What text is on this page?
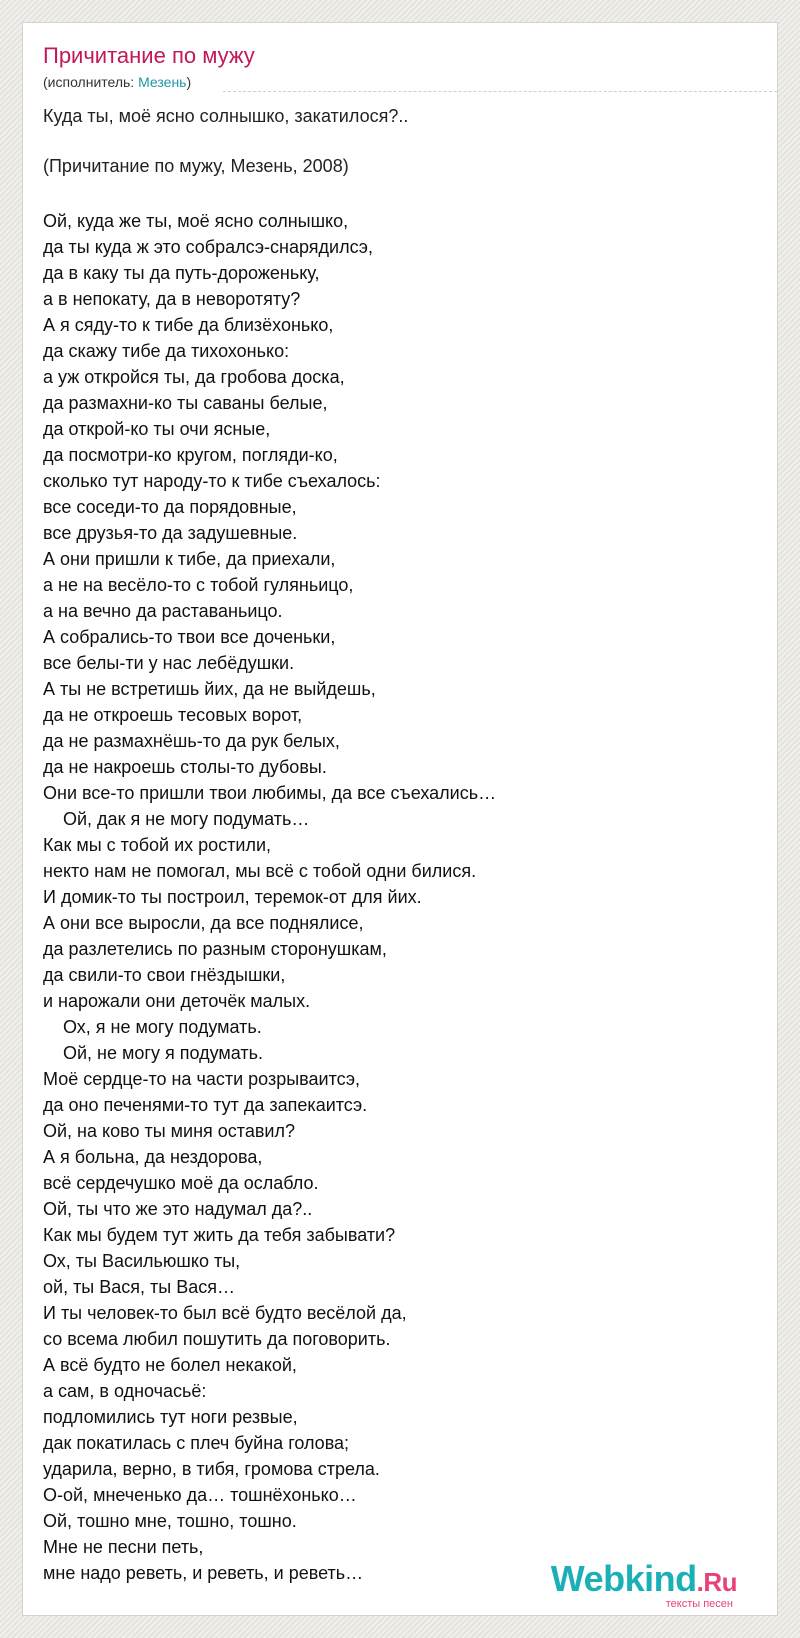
Причитание по мужу
(исполнитель: Мезень)
Куда ты, моё ясно солнышко, закатилося?..
(Причитание по мужу, Мезень, 2008)
Ой, куда же ты, моё ясно солнышко,
да ты куда ж это собралсэ-снарядилсэ,
да в каку ты да путь-дороженьку,
а в непокату, да в неворотяту?
А я сяду-то к тибе да близёхонько,
да скажу тибе да тихохонько:
а уж откройся ты, да гробова доска,
да размахни-ко ты саваны белые,
да открой-ко ты очи ясные,
да посмотри-ко кругом, погляди-ко,
сколько тут народу-то к тибе съехалось:
все соседи-то да порядовные,
все друзья-то да задушевные.
А они пришли к тибе, да приехали,
а не на весёло-то с тобой гуляньицо,
а на вечно да раставаньицо.
А собрались-то твои все доченьки,
все белы-ти у нас лебёдушки.
А ты не встретишь йих, да не выйдешь,
да не откроешь тесовых ворот,
да не размахнёшь-то да рук белых,
да не накроешь столы-то дубовы.
Они все-то пришли твои любимы, да все съехались…
Ой, дак я не могу подумать…
Как мы с тобой их ростили,
некто нам не помогал, мы всё с тобой одни билися.
И домик-то ты построил, теремок-от для йих.
А они все выросли, да все поднялисе,
да разлетелись по разным сторонушкам,
да свили-то свои гнёздышки,
и нарожали они деточёк малых.
Ох, я не могу подумать.
Ой, не могу я подумать.
Моё сердце-то на части розрываитсэ,
да оно печенями-то тут да запекаитсэ.
Ой, на ково ты миня оставил?
А я больна, да нездорова,
всё сердечушко моё да ослабло.
Ой, ты что же это надумал да?..
Как мы будем тут жить да тебя забывати?
Ох, ты Васильюшко ты,
ой, ты Вася, ты Вася…
И ты человек-то был всё будто весёлой да,
со всема любил пошутить да поговорить.
А всё будто не болел некакой,
а сам, в одночасьё:
подломились тут ноги резвые,
дак покатилась с плеч буйна голова;
ударила, верно, в тибя, громова стрела.
О-ой, мнеченько да… тошнёхонько…
Ой, тошно мне, тошно, тошно.
Мне не песни петь,
мне надо реветь, и реветь, и реветь…	Webkind.Ru
тексты песен
